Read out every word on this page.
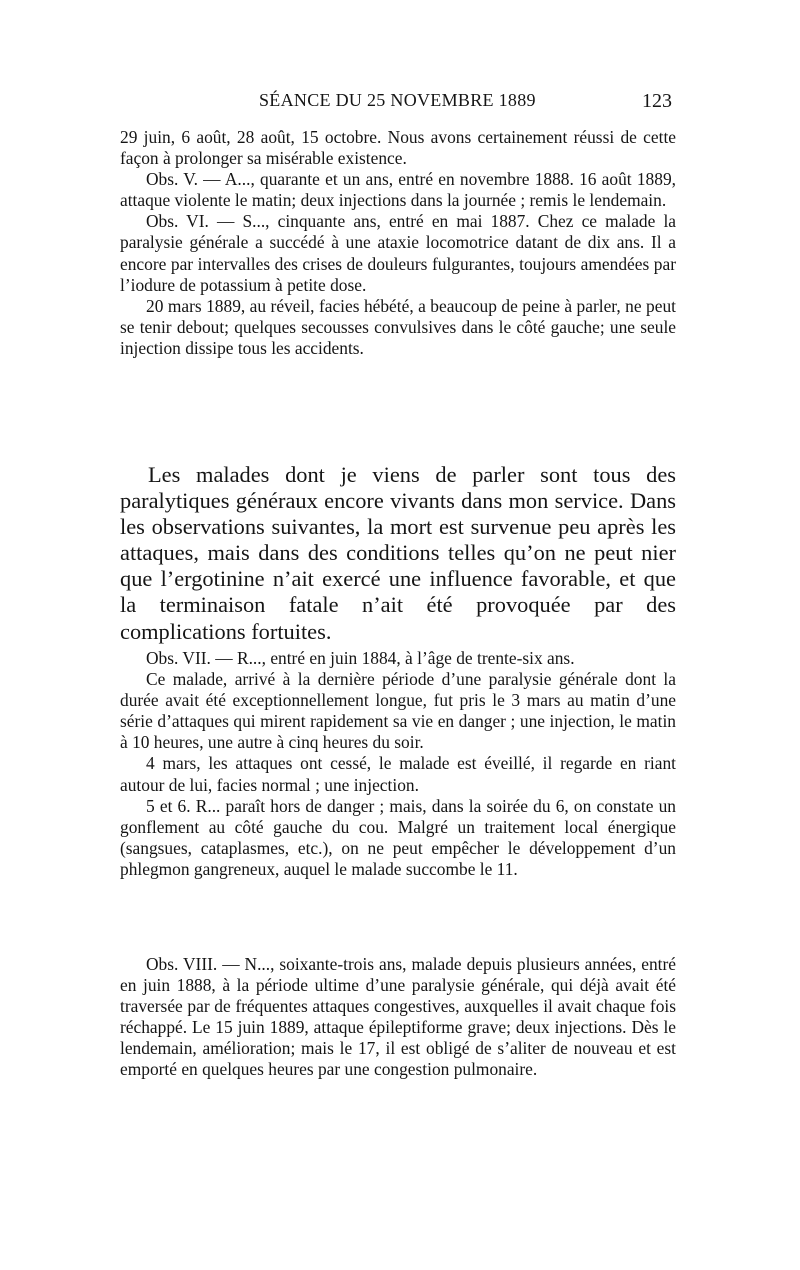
SÉANCE DU 25 NOVEMBRE 1889	123

29 juin, 6 août, 28 août, 15 octobre. Nous avons certainement réussi de cette façon à prolonger sa misérable existence.

Obs. V. — A..., quarante et un ans, entré en novembre 1888. 16 août 1889, attaque violente le matin; deux injections dans la journée ; remis le lendemain.

Obs. VI. — S..., cinquante ans, entré en mai 1887. Chez ce malade la paralysie générale a succédé à une ataxie locomotrice datant de dix ans. Il a encore par intervalles des crises de douleurs fulgurantes, toujours amendées par l’iodure de potassium à petite dose.

20 mars 1889, au réveil, facies hébété, a beaucoup de peine à parler, ne peut se tenir debout; quelques secousses convulsives dans le côté gauche; une seule injection dissipe tous les accidents.

Les malades dont je viens de parler sont tous des paralytiques généraux encore vivants dans mon service. Dans les observations suivantes, la mort est survenue peu après les attaques, mais dans des conditions telles qu’on ne peut nier que l’ergotinine n’ait exercé une influence favorable, et que la terminaison fatale n’ait été provoquée par des complications fortuites.

Obs. VII. — R..., entré en juin 1884, à l’âge de trente-six ans.

Ce malade, arrivé à la dernière période d’une paralysie générale dont la durée avait été exceptionnellement longue, fut pris le 3 mars au matin d’une série d’attaques qui mirent rapidement sa vie en danger ; une injection, le matin à 10 heures, une autre à cinq heures du soir.

4 mars, les attaques ont cessé, le malade est éveillé, il regarde en riant autour de lui, facies normal ; une injection.

5 et 6. R... paraît hors de danger ; mais, dans la soirée du 6, on constate un gonflement au côté gauche du cou. Malgré un traitement local énergique (sangsues, cataplasmes, etc.), on ne peut empêcher le développement d’un phlegmon gangreneux, auquel le malade succombe le 11.

Obs. VIII. — N..., soixante-trois ans, malade depuis plusieurs années, entré en juin 1888, à la période ultime d’une paralysie générale, qui déjà avait été traversée par de fréquentes attaques congestives, auxquelles il avait chaque fois réchappé. Le 15 juin 1889, attaque épileptiforme grave; deux injections. Dès le lendemain, amélioration; mais le 17, il est obligé de s’aliter de nouveau et est emporté en quelques heures par une congestion pulmonaire.
